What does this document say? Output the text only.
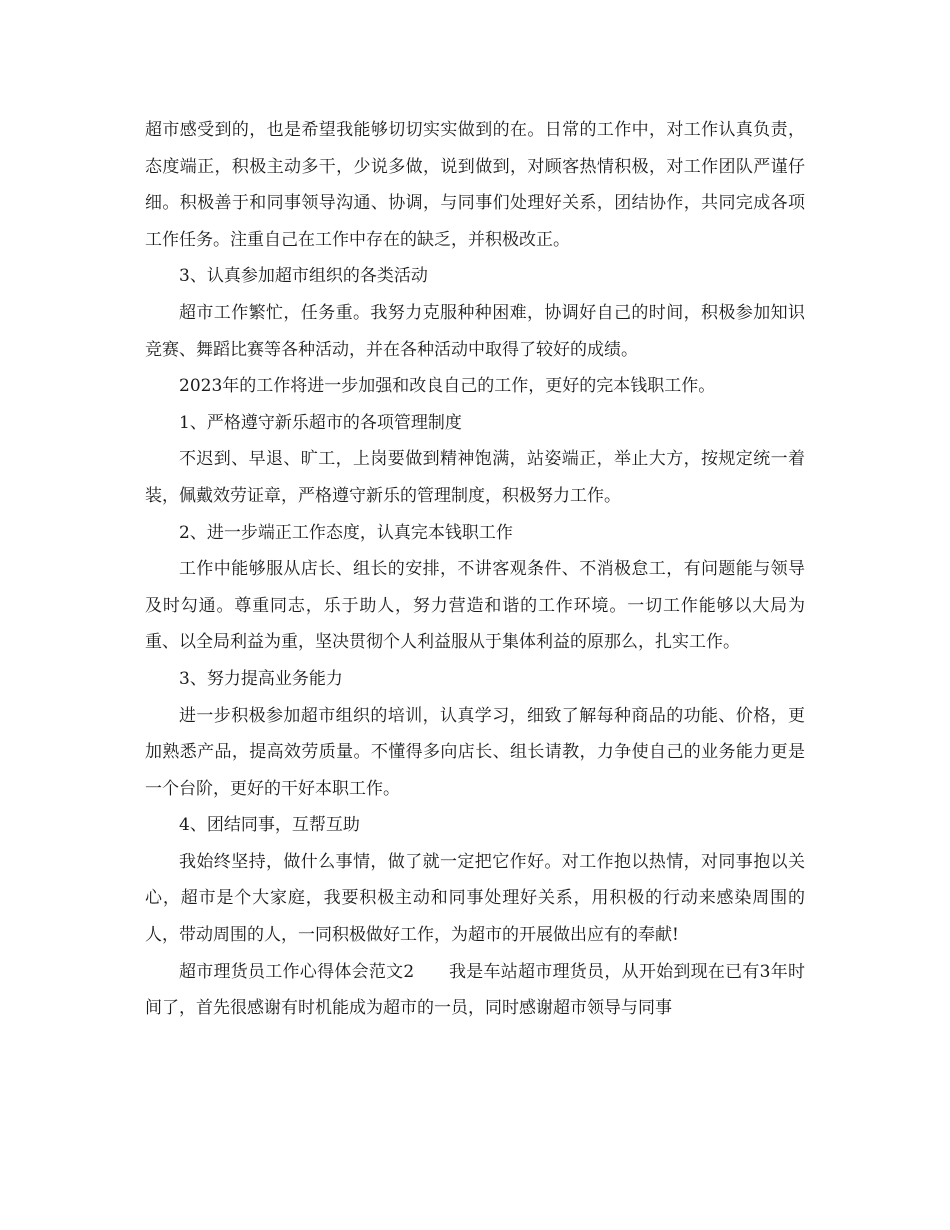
超市感受到的，也是希望我能够切切实实做到的在。日常的工作中，对工作认真负责，态度端正，积极主动多干，少说多做，说到做到，对顾客热情积极，对工作团队严谨仔细。积极善于和同事领导沟通、协调，与同事们处理好关系，团结协作，共同完成各项工作任务。注重自己在工作中存在的缺乏，并积极改正。

3、认真参加超市组织的各类活动

超市工作繁忙，任务重。我努力克服种种困难，协调好自己的时间，积极参加知识竞赛、舞蹈比赛等各种活动，并在各种活动中取得了较好的成绩。

2023年的工作将进一步加强和改良自己的工作，更好的完本钱职工作。

1、严格遵守新乐超市的各项管理制度

不迟到、早退、旷工，上岗要做到精神饱满，站姿端正，举止大方，按规定统一着装，佩戴效劳证章，严格遵守新乐的管理制度，积极努力工作。

2、进一步端正工作态度，认真完本钱职工作

工作中能够服从店长、组长的安排，不讲客观条件、不消极怠工，有问题能与领导及时勾通。尊重同志，乐于助人，努力营造和谐的工作环境。一切工作能够以大局为重、以全局利益为重，坚决贯彻个人利益服从于集体利益的原那么，扎实工作。

3、努力提高业务能力

进一步积极参加超市组织的培训，认真学习，细致了解每种商品的功能、价格，更加熟悉产品，提高效劳质量。不懂得多向店长、组长请教，力争使自己的业务能力更是一个台阶，更好的干好本职工作。

4、团结同事，互帮互助

我始终坚持，做什么事情，做了就一定把它作好。对工作抱以热情，对同事抱以关心，超市是个大家庭，我要积极主动和同事处理好关系，用积极的行动来感染周围的人，带动周围的人，一同积极做好工作，为超市的开展做出应有的奉献!

超市理货员工作心得体会范文2　　我是车站超市理货员，从开始到现在已有3年时间了，首先很感谢有时机能成为超市的一员，同时感谢超市领导与同事
